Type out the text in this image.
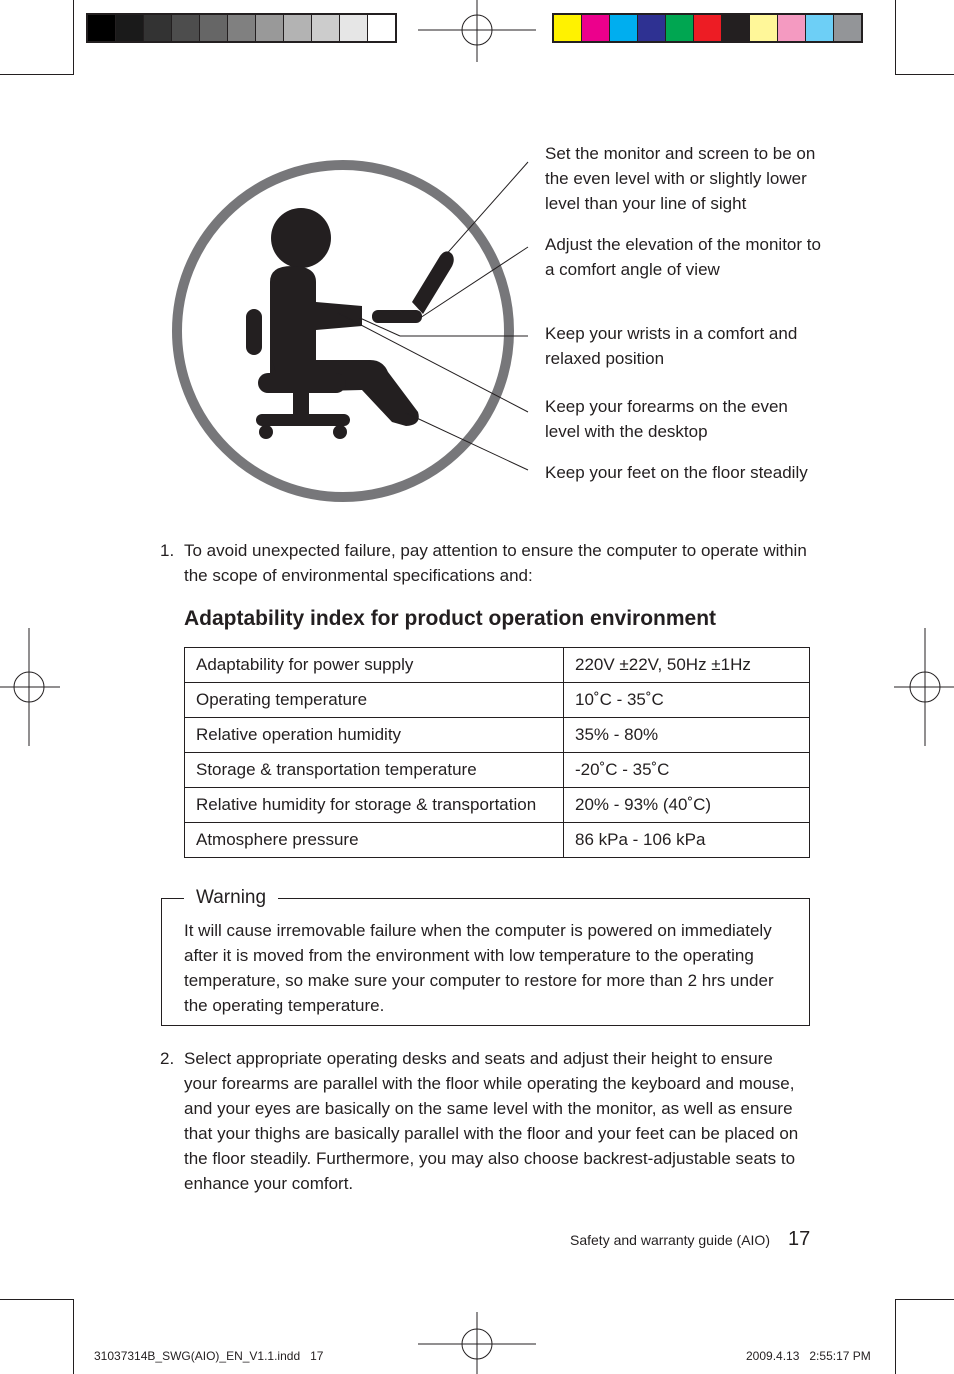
Set the monitor and screen to be on the even level with or slightly lower level than your line of sight
Adjust the elevation of the monitor to a comfort angle of view
Keep your wrists in a comfort and relaxed position
Keep your forearms on the even level with the desktop
Keep your feet on the floor steadily
1. To avoid unexpected failure, pay attention to ensure the computer to operate within the scope of environmental specifications and:
Adaptability index for product operation environment
Adaptability for power supply	220V ±22V, 50Hz ±1Hz
Operating temperature	10˚C - 35˚C
Relative operation humidity	35% - 80%
Storage & transportation temperature	-20˚C - 35˚C
Relative humidity for storage & transportation	20% - 93% (40˚C)
Atmosphere pressure	86 kPa - 106 kPa
Warning
It will cause irremovable failure when the computer is powered on immediately after it is moved from the environment with low temperature to the operating temperature, so make sure your computer to restore for more than 2 hrs under the operating temperature.
2. Select appropriate operating desks and seats and adjust their height to ensure your forearms are parallel with the floor while operating the keyboard and mouse, and your eyes are basically on the same level with the monitor, as well as ensure that your thighs are basically parallel with the floor and your feet can be placed on the floor steadily. Furthermore, you may also choose backrest-adjustable seats to enhance your comfort.
Safety and warranty guide (AIO) 17
31037314B_SWG(AIO)_EN_V1.1.indd   17	2009.4.13   2:55:17 PM
